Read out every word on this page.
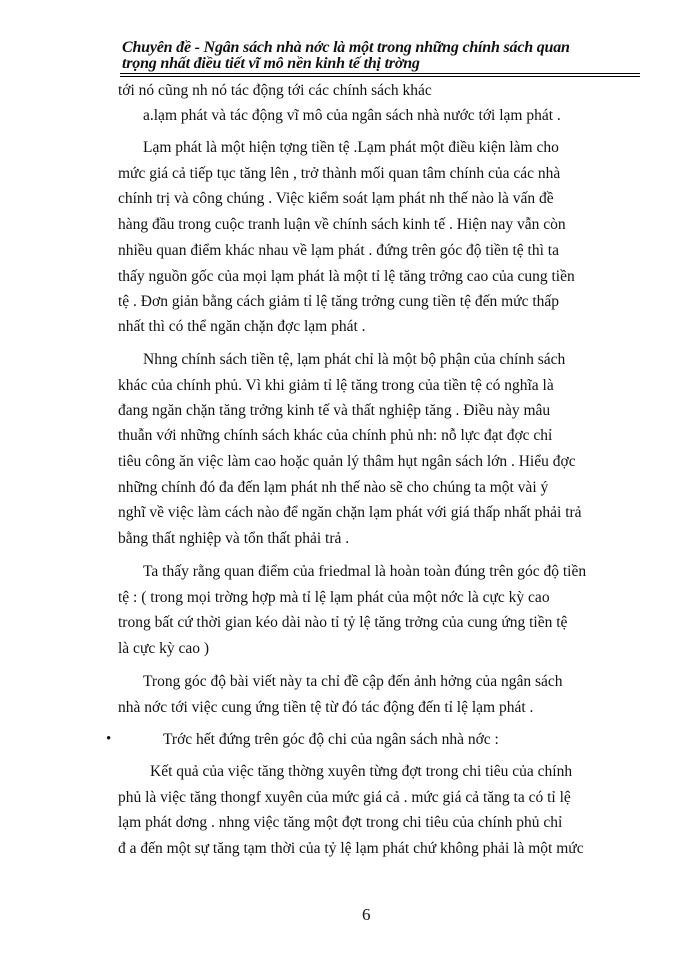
Chuyên đề - Ngân sách nhà nớc là một trong những chính sách quan
trọng nhất điều tiết vĩ mô nền kinh tế thị trờng
tới nó cũng nh nó tác động tới các chính sách khác
a.lạm phát và tác động vĩ mô của ngân sách nhà nước tới lạm phát .
Lạm phát là một hiện tợng tiền tệ .Lạm phát một điều kiện làm cho
mức giá cả tiếp tục tăng lên , trở thành mối quan tâm chính của các nhà
chính trị và công chúng . Việc kiểm soát lạm phát nh thế nào là vấn đề
hàng đầu trong cuộc tranh luận về chính sách kinh tế . Hiện nay vẫn còn
nhiều quan điểm khác nhau về lạm phát . đứng trên góc độ tiền tệ thì ta
thấy nguồn gốc của mọi lạm phát là một tỉ lệ tăng trởng cao của cung tiền
tệ . Đơn giản bằng cách giảm tỉ lệ tăng trởng cung tiền tệ đến mức thấp
nhất thì có thể ngăn chặn đợc lạm phát .
Nhng chính sách tiền tệ, lạm phát chỉ là một bộ phận của chính sách
khác của chính phủ. Vì khi giảm tỉ lệ tăng trong của tiền tệ có nghĩa là
đang ngăn chặn tăng trởng kinh tế và thất nghiệp tăng . Điều này mâu
thuẫn với những chính sách khác của chính phủ nh: nỗ lực đạt đợc chỉ
tiêu công ăn việc làm cao hoặc quản lý thâm hụt ngân sách lớn . Hiểu đợc
những chính đó đa đến lạm phát nh thế nào sẽ cho chúng ta một vài ý
nghĩ về việc làm cách nào để ngăn chặn lạm phát với giá thấp nhất phải trả
bằng thất nghiệp và tổn thất phải trả .
Ta thấy rằng quan điểm của friedmal là hoàn toàn đúng trên góc độ tiền
tệ : ( trong mọi trờng hợp mà tỉ lệ lạm phát của một nớc là cực kỳ cao
trong bất cứ thời gian kéo dài nào tỉ tỷ lệ tăng trởng của cung ứng tiền tệ
là cực kỳ cao )
Trong góc độ bài viết này ta chỉ đề cập đến ảnh hởng của ngân sách
nhà nớc tới việc cung ứng tiền tệ từ đó tác động đến tỉ lệ lạm phát .
Trớc hết đứng trên góc độ chi của ngân sách nhà nớc :
Kết quả của việc tăng thờng xuyên từng đợt trong chi tiêu của chính
phủ là việc tăng thongf xuyên của mức giá cả . mức giá cả tăng ta có tỉ lệ
lạm phát dơng . nhng việc tăng một đợt trong chi tiêu của chính phủ chỉ
đ a đến một sự tăng tạm thời của tỷ lệ lạm phát chứ không phải là một mức
•
6
